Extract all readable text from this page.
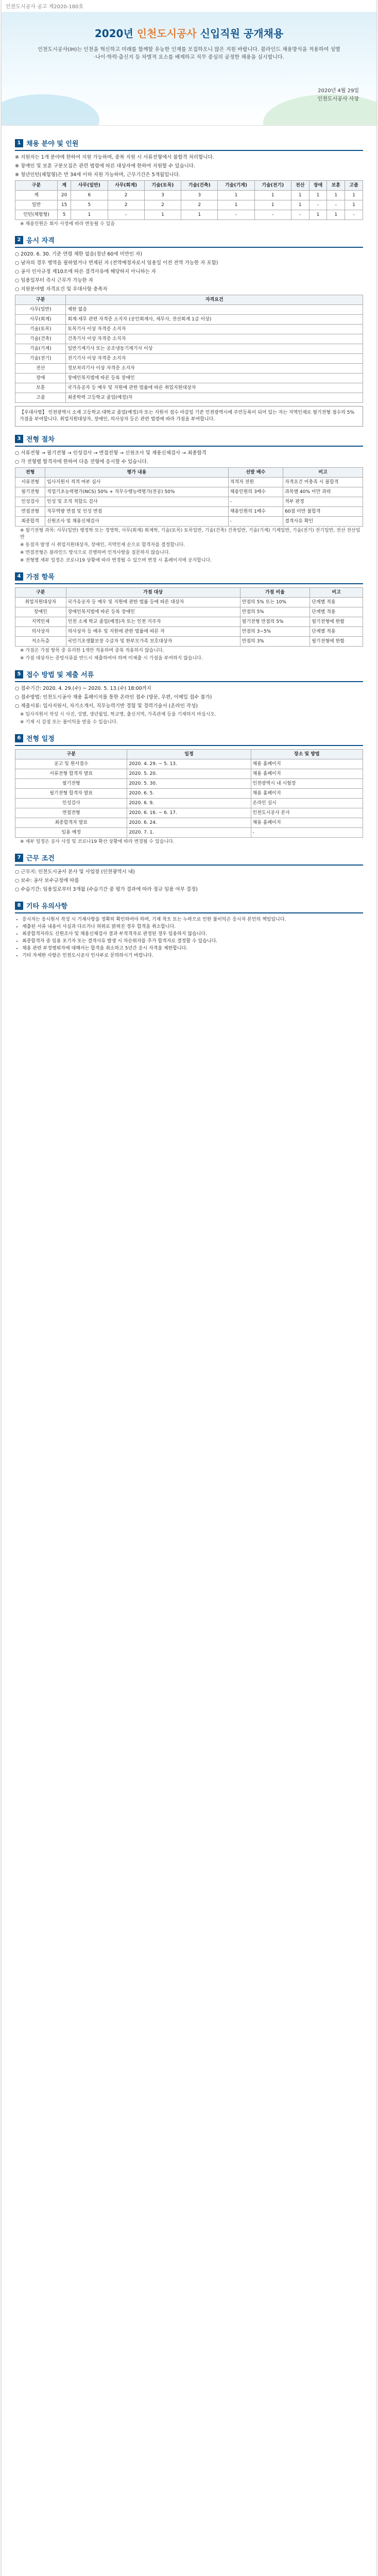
인천도시공사 공고 제2020-180호
2020년 인천도시공사 신입직원 공개채용
인천도시공사(iH)는 인천을 혁신하고 미래를 함께할 유능한 인재를 모집하오니 많은 지원 바랍니다. 블라인드 채용방식을 적용하여 성별·나이·학력·출신지 등 차별적 요소를 배제하고 직무 중심의 공정한 채용을 실시합니다.
2020년 4월 29일
인천도시공사 사장
1 채용 분야 및 인원
※ 지원자는 1개 분야에 한하여 지원 가능하며, 중복 지원 시 서류전형에서 불합격 처리합니다.
※ 장애인 및 보훈 구분모집은 관련 법령에 따른 대상자에 한하여 지원할 수 있습니다.
※ 청년인턴(체험형)은 만 34세 이하 지원 가능하며, 근무기간은 5개월입니다.
구분	계	사무(일반)	사무(회계)	기술(토목)	기술(건축)	기술(기계)	기술(전기)	전산	장애	보훈	고졸
계	20	6	2	3	3	1	1	1	1	1	1
일반	15	5	2	2	2	1	1	1	-	-	1
인턴(체험형)	5	1	-	1	1	-	-	-	1	1	-
※ 채용인원은 회사 사정에 따라 변동될 수 있음
2 응시 자격
○ 2020. 6. 30. 기준 연령 제한 없음(정년 60세 미만인 자)
○ 남자의 경우 병역을 필하였거나 면제된 자 (전역예정자로서 임용일 이전 전역 가능한 자 포함)
○ 공사 인사규정 제10조에 따른 결격사유에 해당하지 아니하는 자
○ 임용일부터 즉시 근무가 가능한 자
○ 지원분야별 자격요건 및 우대사항 충족자
구분	자격요건
사무(일반)	제한 없음
사무(회계)	회계·세무 관련 자격증 소지자 (공인회계사, 세무사, 전산회계 1급 이상)
기술(토목)	토목기사 이상 자격증 소지자
기술(건축)	건축기사 이상 자격증 소지자
기술(기계)	일반기계기사 또는 공조냉동기계기사 이상
기술(전기)	전기기사 이상 자격증 소지자
전산	정보처리기사 이상 자격증 소지자
장애	장애인복지법에 따른 등록 장애인
보훈	국가유공자 등 예우 및 지원에 관한 법률에 따른 취업지원대상자
고졸	최종학력 고등학교 졸업(예정)자
【우대사항】 인천광역시 소재 고등학교·대학교 졸업(예정)자 또는 지원서 접수 마감일 기준 인천광역시에 주민등록이 되어 있는 자는 지역인재로 필기전형 점수의 5% 가점을 부여합니다. 취업지원대상자, 장애인, 의사상자 등은 관련 법령에 따라 가점을 부여합니다.
3 전형 절차
○ 서류전형 → 필기전형 → 인성검사 → 면접전형 → 신원조사 및 채용신체검사 → 최종합격
○ 각 전형별 합격자에 한하여 다음 전형에 응시할 수 있습니다.
전형	평가 내용	선발 배수	비고
서류전형	입사지원서 적격 여부 심사	적격자 전원	자격요건 미충족 시 불합격
필기전형	직업기초능력평가(NCS) 50% + 직무수행능력평가(전공) 50%	채용인원의 3배수	과목별 40% 미만 과락
인성검사	인성 및 조직 적합도 검사	-	적부 판정
면접전형	직무역량 면접 및 인성 면접	채용인원의 1배수	60점 미만 불합격
최종합격	신원조사 및 채용신체검사	-	결격사유 확인
※ 필기전형 과목: 사무(일반) 행정학 또는 경영학, 사무(회계) 회계학, 기술(토목) 토목일반, 기술(건축) 건축일반, 기술(기계) 기계일반, 기술(전기) 전기일반, 전산 전산일반
※ 동점자 발생 시 취업지원대상자, 장애인, 지역인재 순으로 합격자를 결정합니다.
※ 면접전형은 블라인드 방식으로 진행하며 인적사항을 질문하지 않습니다.
※ 전형별 세부 일정은 코로나19 상황에 따라 변경될 수 있으며 변경 시 홈페이지에 공지합니다.
4 가점 항목
구분	가점 대상	가점 비율	비고
취업지원대상자	국가유공자 등 예우 및 지원에 관한 법률 등에 따른 대상자	만점의 5% 또는 10%	단계별 적용
장애인	장애인복지법에 따른 등록 장애인	만점의 5%	단계별 적용
지역인재	인천 소재 학교 졸업(예정)자 또는 인천 거주자	필기전형 만점의 5%	필기전형에 한함
의사상자	의사상자 등 예우 및 지원에 관한 법률에 따른 자	만점의 3~5%	단계별 적용
저소득층	국민기초생활보장 수급자 및 한부모가족 보호대상자	만점의 3%	필기전형에 한함
※ 가점은 가점 항목 중 유리한 1개만 적용하며 중복 적용하지 않습니다.
※ 가점 대상자는 증빙서류를 반드시 제출하여야 하며 미제출 시 가점을 부여하지 않습니다.
5 접수 방법 및 제출 서류
○ 접수기간: 2020. 4. 29.(수) ~ 2020. 5. 13.(수) 18:00까지
○ 접수방법: 인천도시공사 채용 홈페이지를 통한 온라인 접수 (방문, 우편, 이메일 접수 불가)
○ 제출서류: 입사지원서, 자기소개서, 직무능력기반 경험 및 경력기술서 (온라인 작성)
※ 입사지원서 작성 시 사진, 성별, 생년월일, 학교명, 출신지역, 가족관계 등을 기재하지 마십시오.
※ 기재 시 감점 또는 불이익을 받을 수 있습니다.
6 전형 일정
구분	일정	장소 및 방법
공고 및 원서접수	2020. 4. 29. ~ 5. 13.	채용 홈페이지
서류전형 합격자 발표	2020. 5. 20.	채용 홈페이지
필기전형	2020. 5. 30.	인천광역시 내 시험장
필기전형 합격자 발표	2020. 6. 5.	채용 홈페이지
인성검사	2020. 6. 9.	온라인 실시
면접전형	2020. 6. 16. ~ 6. 17.	인천도시공사 본사
최종합격자 발표	2020. 6. 24.	채용 홈페이지
임용 예정	2020. 7. 1.	-
※ 세부 일정은 공사 사정 및 코로나19 확산 상황에 따라 변경될 수 있습니다.
7 근무 조건
○ 근무지: 인천도시공사 본사 및 사업장 (인천광역시 내)
○ 보수: 공사 보수규정에 따름
○ 수습기간: 임용일로부터 3개월 (수습기간 중 평가 결과에 따라 정규 임용 여부 결정)
8 기타 유의사항
• 응시자는 응시원서 작성 시 기재사항을 정확히 확인하여야 하며, 기재 착오 또는 누락으로 인한 불이익은 응시자 본인의 책임입니다.
• 제출된 서류 내용이 사실과 다르거나 허위로 밝혀진 경우 합격을 취소합니다.
• 최종합격자라도 신원조사 및 채용신체검사 결과 부적격자로 판정된 경우 임용하지 않습니다.
• 최종합격자 중 임용 포기자 또는 결격사유 발생 시 차순위자를 추가 합격자로 결정할 수 있습니다.
• 채용 관련 부정행위자에 대해서는 합격을 취소하고 5년간 응시 자격을 제한합니다.
• 기타 자세한 사항은 인천도시공사 인사부로 문의하시기 바랍니다.
